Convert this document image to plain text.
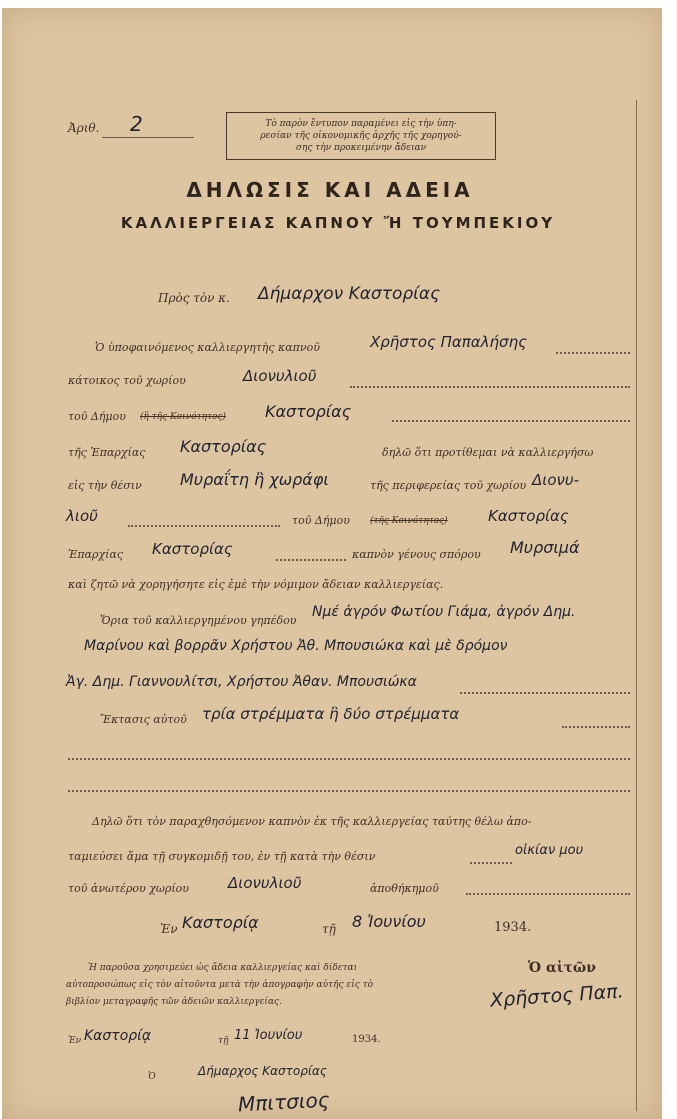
Ἀριθ. 2	Τὸ παρὸν ἔντυπον παραμένει εἰς τὴν ὑπη-
ρεσίαν τῆς οἰκονομικῆς ἀρχῆς τῆς χορηγού-
σης τὴν προκειμένην ἄδειαν
ΔΗΛΩΣΙΣ ΚΑΙ ΑΔΕΙΑ
ΚΑΛΛΙΕΡΓΕΙΑΣ ΚΑΠΝΟΥ Ἤ ΤΟΥΜΠΕΚΙΟΥ
Πρὸς τὸν κ. Δήμαρχον Καστορίας
Ὁ ὑποφαινόμενος καλλιεργητὴς καπνοῦ	Χρῆστος Παπαλήσης
κάτοικος τοῦ χωρίου	Διονυλιοῦ
τοῦ Δήμου (ἢ τῆς Κοινότητος) Καστορίας
τῆς Ἐπαρχίας Καστορίας	δηλῶ ὅτι προτίθεμαι νὰ καλλιεργήσω
εἰς τὴν θέσιν Μυραΐτη ἢ χωράφι	τῆς περιφερείας τοῦ χωρίου Διονυ-
λιοῦ	τοῦ Δήμου (τῆς Κοινότητος)	Καστορίας
Ἐπαρχίας Καστορίας	καπνὸν γένους σπόρου Μυρσιμά
καὶ ζητῶ νὰ χορηγήσητε εἰς ἐμὲ τὴν νόμιμον ἄδειαν καλλιεργείας.
Ὅρια τοῦ καλλιεργημένου γηπέδου
Νμέ ἀγρόν Φωτίου Γιάμα, ἀγρόν Δημ.
Μαρίνου καὶ βορρᾶν Χρήστου Ἀθ. Μπουσιώκα καὶ μὲ δρόμον
Ἀγ. Δημ. Γιαννουλίτσι, Χρήστου Ἀθαν. Μπουσιώκα
Ἔκτασις αὐτοῦ τρία στρέμματα ἢ δύο στρέμματα
Δηλῶ ὅτι τὸν παραχθησόμενον καπνὸν ἐκ τῆς καλλιεργείας ταύτης θέλω ἀπο-
ταμιεύσει ἅμα τῇ συγκομιδῇ του, ἐν τῇ κατὰ τὴν θέσιν	οἰκίαν μου
τοῦ ἀνωτέρου χωρίου	Διονυλιοῦ	ἀποθήκημοῦ
Ἐν Καστορίᾳ	τῇ 8 Ἰουνίου	1934.
Ἡ παροῦσα χρησιμεύει ὡς ἄδεια καλλιεργείας καὶ δίδεται
αὐτοπροσώπως εἰς τὸν αἰτοῦντα μετὰ τὴν ἀπογραφὴν αὐτῆς εἰς τὸ
βιβλίον μεταγραφῆς τῶν ἀδειῶν καλλιεργείας.
Ὁ αἰτῶν
Χρῆστος Παπ.
Ἐν Καστορίᾳ	τῇ 11 Ἰουνίου	1934.
Ὁ	Δήμαρχος Καστορίας
Μπιτσιος
